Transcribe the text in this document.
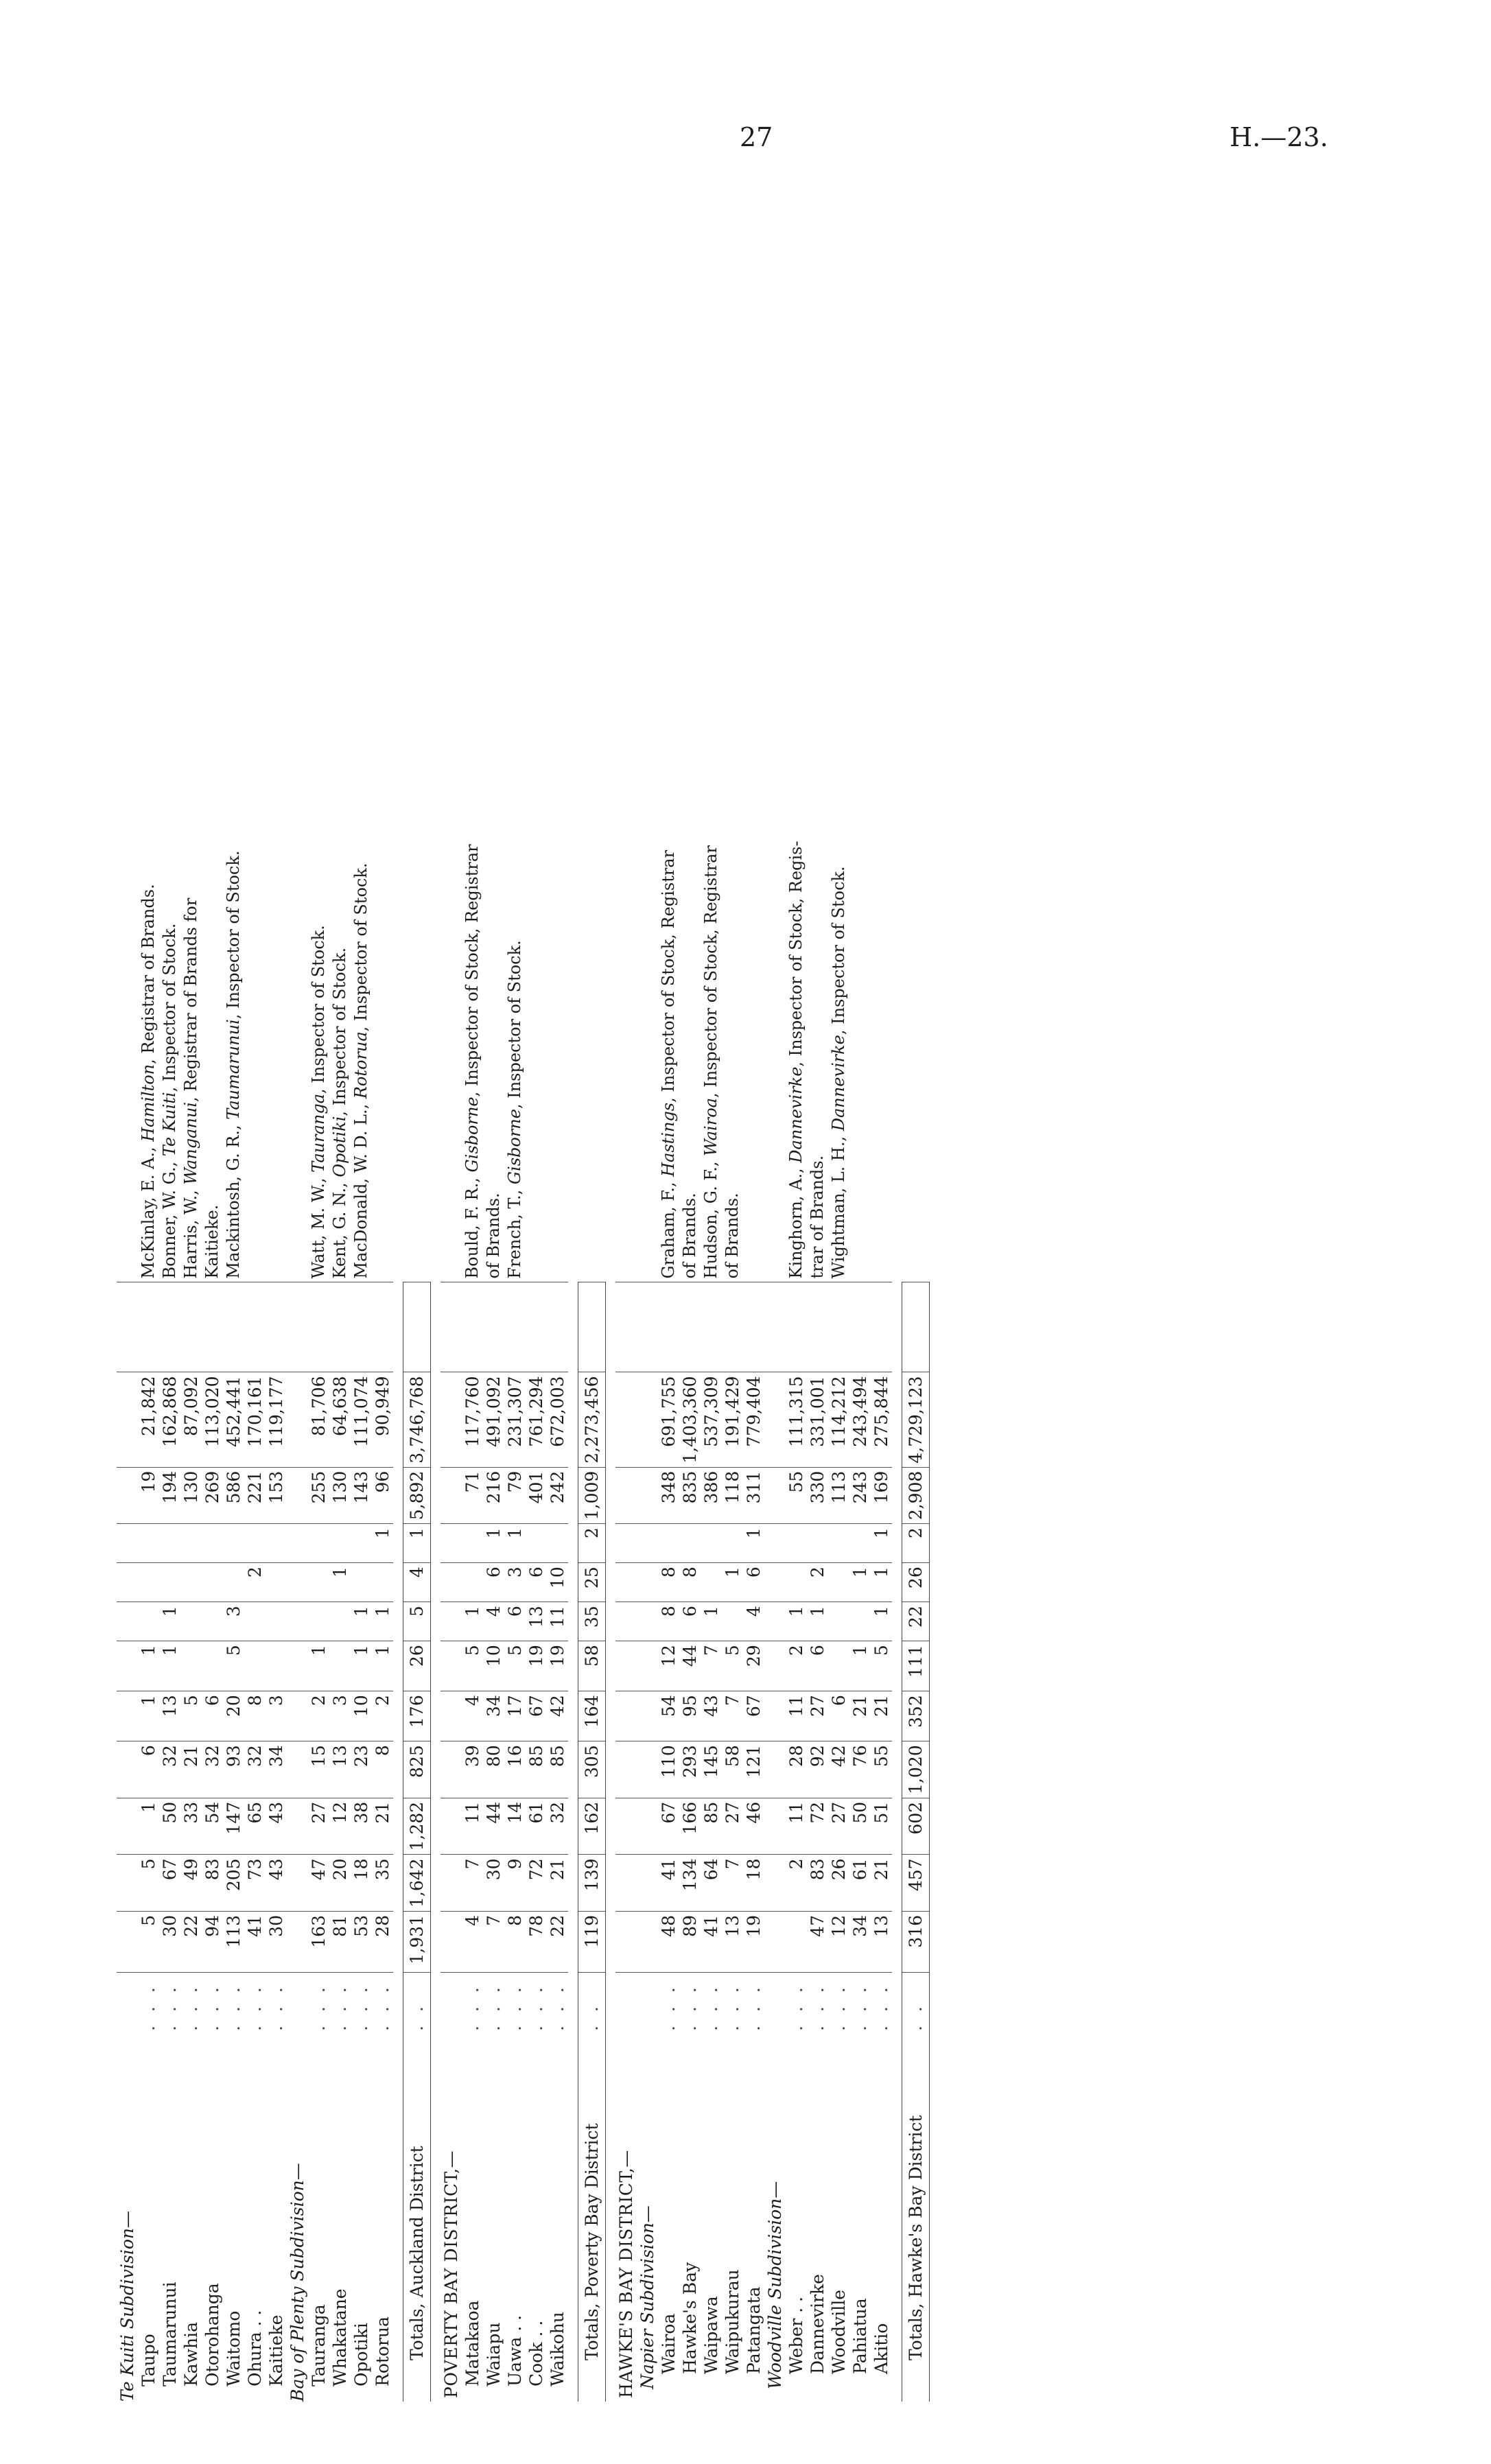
27	H.—23.
Te Kuiti Subdivision—														
Taupo	. . .	5	5	1	6	1	1				19	21,842		McKinlay, E. A., Hamilton, Registrar of Brands.
Taumarunui	. . .	30	67	50	32	13	1	1			194	162,868		Bonner, W. G., Te Kuiti, Inspector of Stock.
Kawhia	. . .	22	49	33	21	5					130	87,092		Harris, W., Wanganui, Registrar of Brands for
Otorohanga	. . .	94	83	54	32	6					269	113,020		Kaitieke.
Waitomo	. . .	113	205	147	93	20	5	3			586	452,441		Mackintosh, G. R., Taumarunui, Inspector of Stock.
Ohura . .	. . .	41	73	65	32	8			2		221	170,161		
Kaitieke	. . .	30	43	43	34	3					153	119,177		
Bay of Plenty Subdivision—														
Tauranga	. . .	163	47	27	15	2	1				255	81,706		Watt, M. W., Tauranga, Inspector of Stock.
Whakatane	. . .	81	20	12	13	3			1		130	64,638		Kent, G. N., Opotiki, Inspector of Stock.
Opotiki	. . .	53	18	38	23	10	1	1			143	111,074		MacDonald, W. D. L., Rotorua, Inspector of Stock.
Rotorua	. . .	28	35	21	8	2	1	1		1	96	90,949		

Totals, Auckland District	. .	1,931	1,642	1,282	825	176	26	5	4	1	5,892	3,746,768		

POVERTY BAY DISTRICT,—														
Matakaoa	. . .	4	7	11	39	4	5	1			71	117,760		Bould, F. R., Gisborne, Inspector of Stock, Registrar
Waiapu	. . .	7	30	44	80	34	10	4	6	1	216	491,092		of Brands.
Uawa . .	. . .	8	9	14	16	17	5	6	3	1	79	231,307		French, T., Gisborne, Inspector of Stock.
Cook . .	. . .	78	72	61	85	67	19	13	6		401	761,294		
Waikohu	. . .	22	21	32	85	42	19	11	10		242	672,003		

Totals, Poverty Bay District	. .	119	139	162	305	164	58	35	25	2	1,009	2,273,456		

HAWKE'S BAY DISTRICT,—														
Napier Subdivision—														
Wairoa	. . .	48	41	67	110	54	12	8	8		348	691,755		Graham, F., Hastings, Inspector of Stock, Registrar
Hawke's Bay	. . .	89	134	166	293	95	44	6	8		835	1,403,360		of Brands.
Waipawa	. . .	41	64	85	145	43	7	1			386	537,309		Hudson, G. F., Wairoa, Inspector of Stock, Registrar
Waipukurau	. . .	13	7	27	58	7	5		1		118	191,429		of Brands.
Patangata	. . .	19	18	46	121	67	29	4	6	1	311	779,404		
Woodville Subdivision—														
Weber . .	. . .		2	11	28	11	2	1			55	111,315		Kinghorn, A., Dannevirke, Inspector of Stock, Regis-
Dannevirke	. . .	47	83	72	92	27	6	1	2		330	331,001		trar of Brands.
Woodville	. . .	12	26	27	42	6					113	114,212		Wightman, L. H., Dannevirke, Inspector of Stock.
Pahiatua	. . .	34	61	50	76	21	1		1		243	243,494		
Akitio	. . .	13	21	51	55	21	5	1	1	1	169	275,844		

Totals, Hawke's Bay District	. .	316	457	602	1,020	352	111	22	26	2	2,908	4,729,123		
